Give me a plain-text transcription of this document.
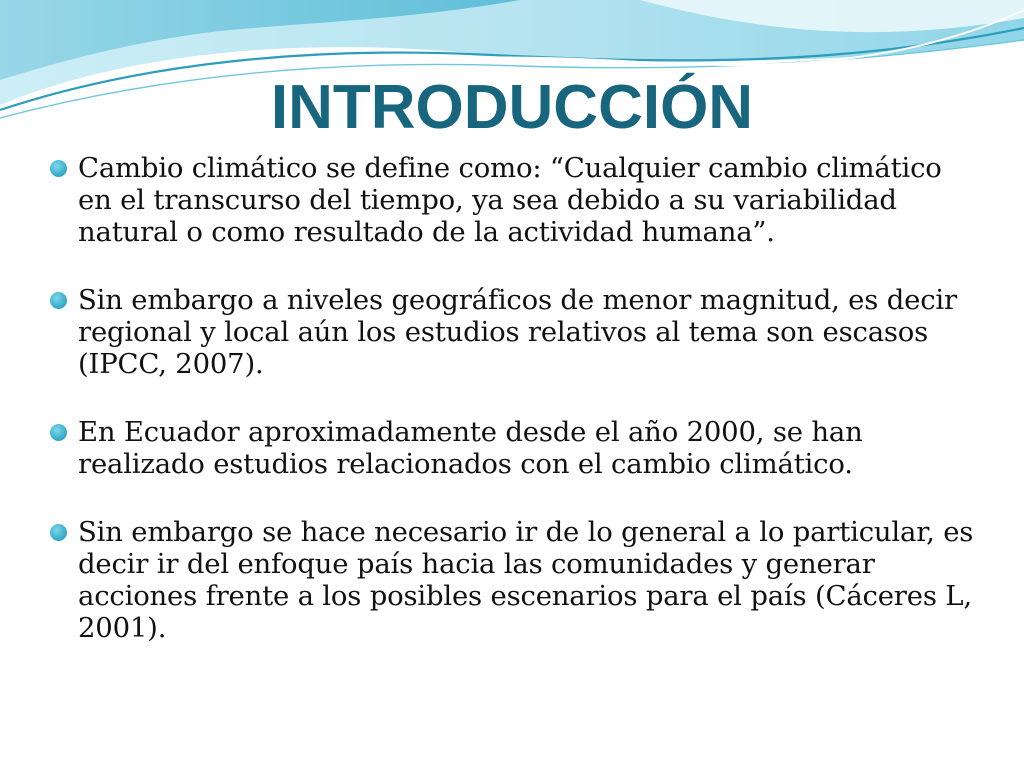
INTRODUCCIÓN
Cambio climático se define como: “Cualquier cambio climático en el transcurso del tiempo, ya sea debido a su variabilidad natural o como resultado de la actividad humana”.
Sin embargo a niveles geográficos de menor magnitud, es decir regional y local aún los estudios relativos al tema son escasos (IPCC, 2007).
En Ecuador aproximadamente desde el año 2000, se han realizado estudios relacionados con el cambio climático.
Sin embargo se hace necesario ir de lo general a lo particular, es decir ir del enfoque país hacia las comunidades y generar acciones frente a los posibles escenarios para el país (Cáceres L, 2001).
